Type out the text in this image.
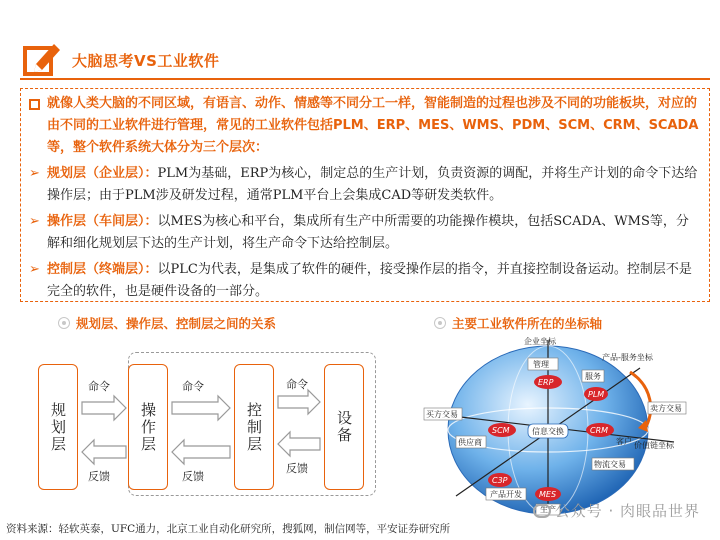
大脑思考VS工业软件
就像人类大脑的不同区域，有语言、动作、情感等不同分工一样，智能制造的过程也涉及不同的功能板块，对应的由不同的工业软件进行管理，常见的工业软件包括PLM、ERP、MES、WMS、PDM、SCM、CRM、SCADA等，整个软件系统大体分为三个层次：
➢ 规划层（企业层）：PLM为基础，ERP为核心，制定总的生产计划，负责资源的调配，并将生产计划的命令下达给操作层；由于PLM涉及研发过程，通常PLM平台上会集成CAD等研发类软件。
➢ 操作层（车间层）：以MES为核心和平台，集成所有生产中所需要的功能操作模块，包括SCADA、WMS等，分解和细化规划层下达的生产计划，将生产命令下达给控制层。
➢ 控制层（终端层）：以PLC为代表，是集成了软件的硬件，接受操作层的指令，并直接控制设备运动。控制层不是完全的软件，也是硬件设备的一部分。
规划层、操作层、控制层之间的关系	主要工业软件所在的坐标轴
规划层	操作层	控制层	设备
命令	命令	命令
反馈	反馈
反馈
企业坐标
产品-服务坐标
价值链坐标
管理
ERP
服务
PLM
买方交易
卖方交易
SCM	信息交换	CRM
供应商	客户
C3P
产品开发 MES
生产
物流交易
公众号 · 肉眼品世界
资料来源：轻软英泰，UFC通力，北京工业自动化研究所，搜狐网，制信网等，平安证券研究所
